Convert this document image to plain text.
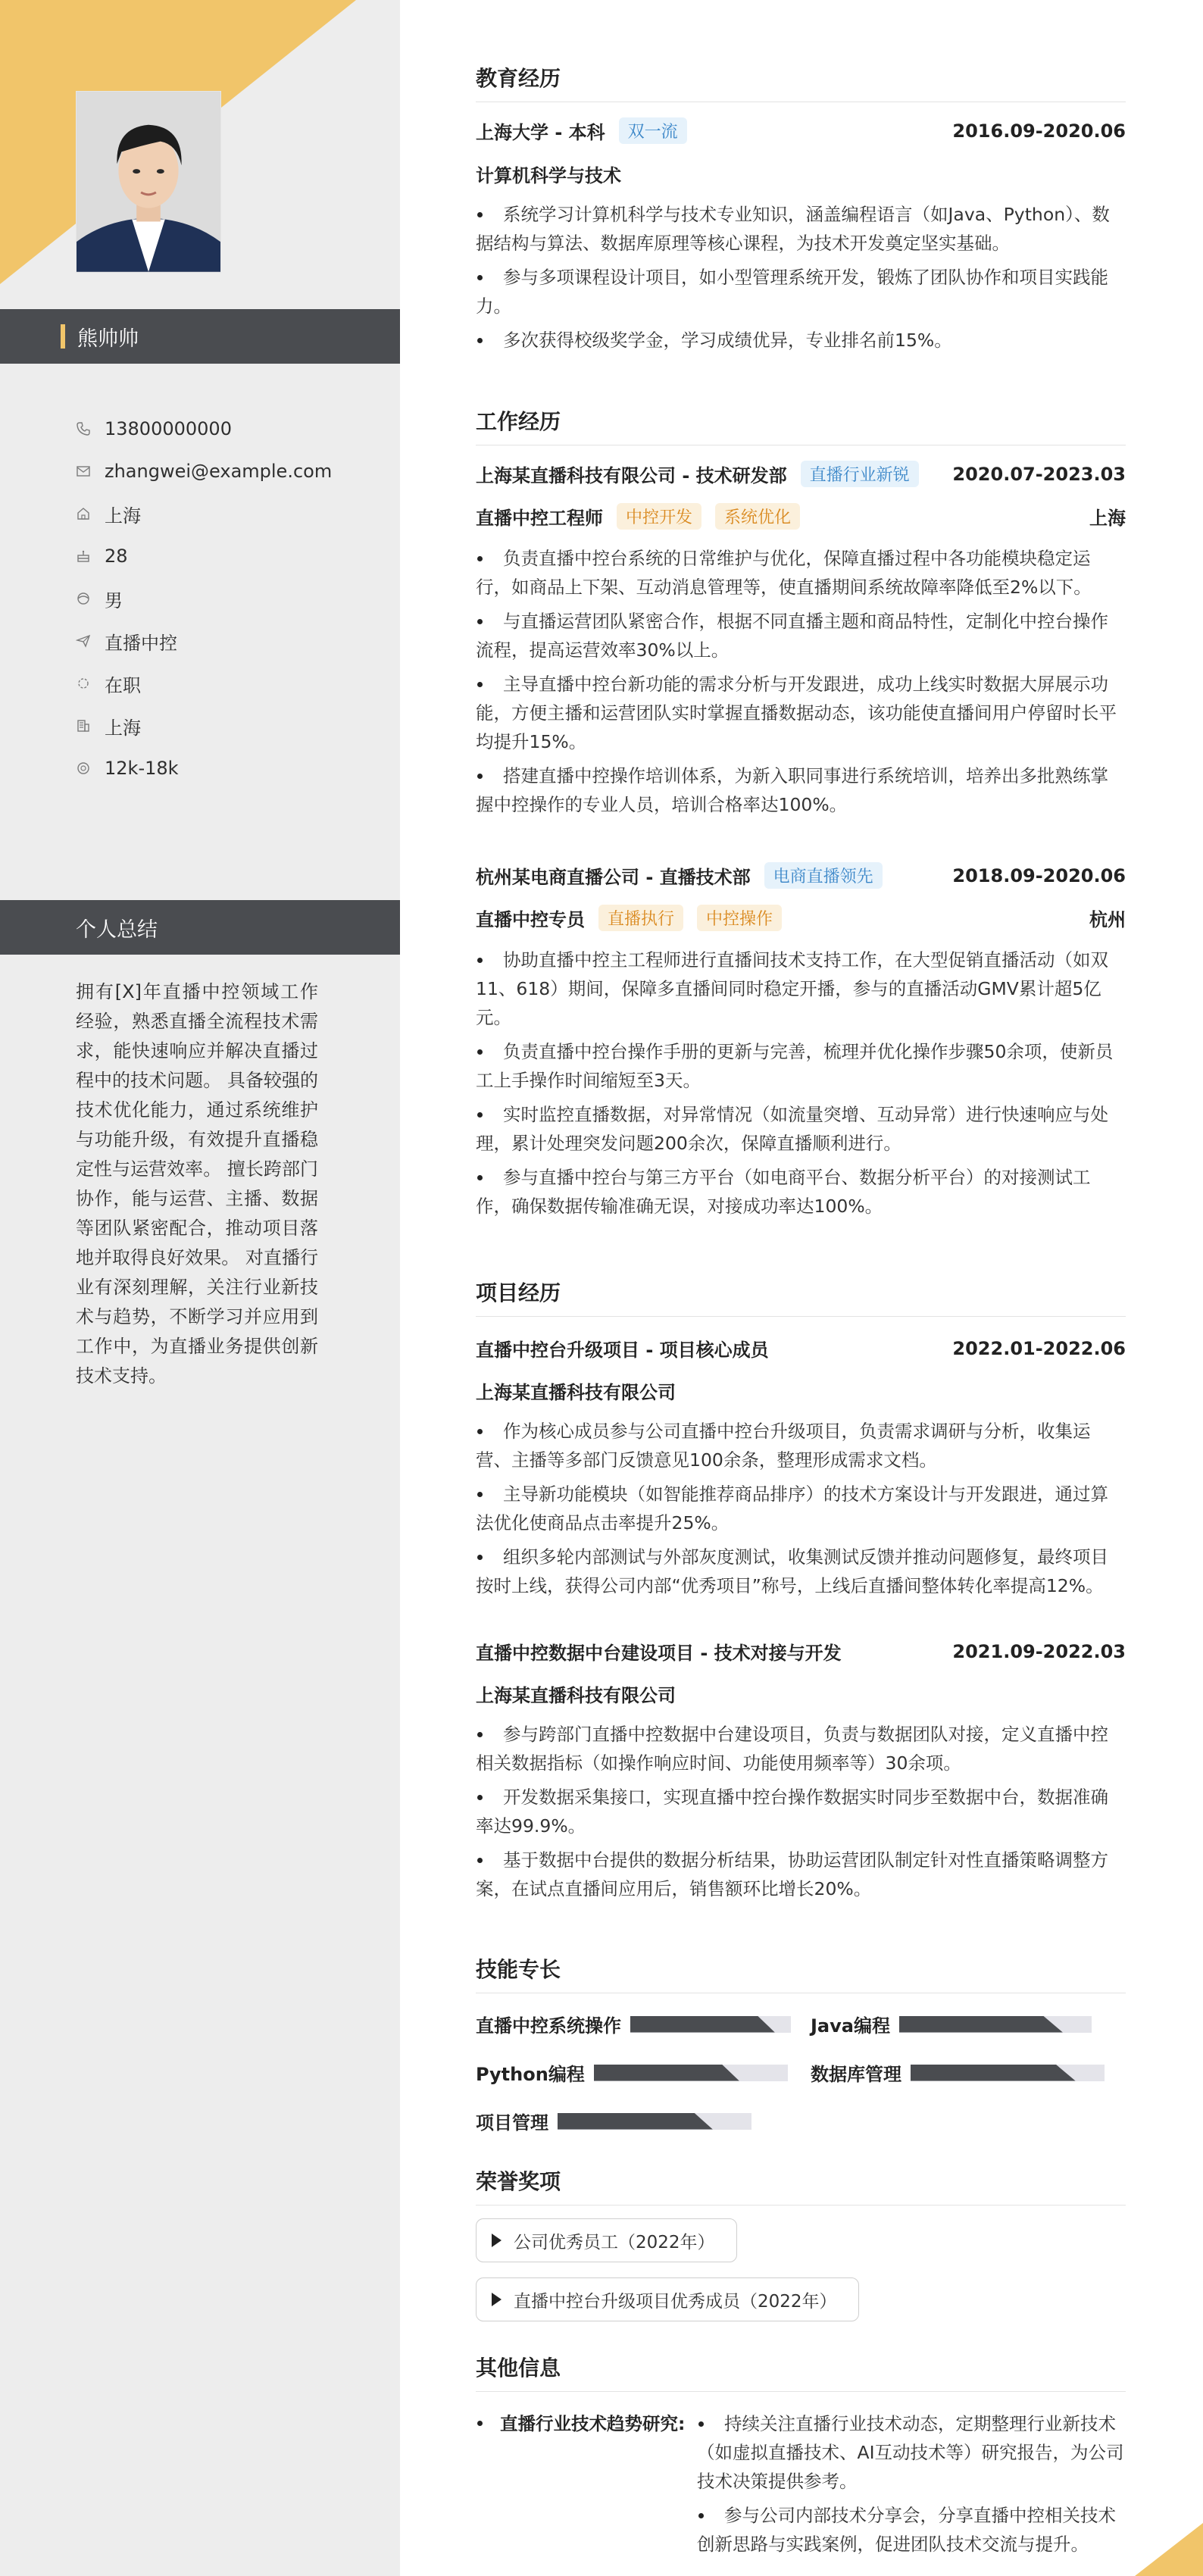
熊帅帅
13800000000
zhangwei@example.com
上海
28
男
直播中控
在职
上海
12k-18k
个人总结
拥有[X]年直播中控领域工作经验，熟悉直播全流程技术需求，能快速响应并解决直播过程中的技术问题。 具备较强的技术优化能力，通过系统维护与功能升级，有效提升直播稳定性与运营效率。 擅长跨部门协作，能与运营、主播、数据等团队紧密配合，推动项目落地并取得良好效果。 对直播行业有深刻理解，关注行业新技术与趋势，不断学习并应用到工作中，为直播业务提供创新技术支持。
教育经历
上海大学 - 本科	双一流	2016.09-2020.06
计算机科学与技术
系统学习计算机科学与技术专业知识，涵盖编程语言（如Java、Python）、数据结构与算法、数据库原理等核心课程，为技术开发奠定坚实基础。
参与多项课程设计项目，如小型管理系统开发，锻炼了团队协作和项目实践能力。
多次获得校级奖学金，学习成绩优异，专业排名前15%。
工作经历
上海某直播科技有限公司 - 技术研发部	直播行业新锐	2020.07-2023.03
直播中控工程师	中控开发	系统优化	上海
负责直播中控台系统的日常维护与优化，保障直播过程中各功能模块稳定运行，如商品上下架、互动消息管理等，使直播期间系统故障率降低至2%以下。
与直播运营团队紧密合作，根据不同直播主题和商品特性，定制化中控台操作流程，提高运营效率30%以上。
主导直播中控台新功能的需求分析与开发跟进，成功上线实时数据大屏展示功能，方便主播和运营团队实时掌握直播数据动态，该功能使直播间用户停留时长平均提升15%。
搭建直播中控操作培训体系，为新入职同事进行系统培训，培养出多批熟练掌握中控操作的专业人员，培训合格率达100%。
杭州某电商直播公司 - 直播技术部	电商直播领先	2018.09-2020.06
直播中控专员	直播执行	中控操作	杭州
协助直播中控主工程师进行直播间技术支持工作，在大型促销直播活动（如双11、618）期间，保障多直播间同时稳定开播，参与的直播活动GMV累计超5亿元。
负责直播中控台操作手册的更新与完善，梳理并优化操作步骤50余项，使新员工上手操作时间缩短至3天。
实时监控直播数据，对异常情况（如流量突增、互动异常）进行快速响应与处理，累计处理突发问题200余次，保障直播顺利进行。
参与直播中控台与第三方平台（如电商平台、数据分析平台）的对接测试工作，确保数据传输准确无误，对接成功率达100%。
项目经历
直播中控台升级项目 - 项目核心成员	2022.01-2022.06
上海某直播科技有限公司
作为核心成员参与公司直播中控台升级项目，负责需求调研与分析，收集运营、主播等多部门反馈意见100余条，整理形成需求文档。
主导新功能模块（如智能推荐商品排序）的技术方案设计与开发跟进，通过算法优化使商品点击率提升25%。
组织多轮内部测试与外部灰度测试，收集测试反馈并推动问题修复，最终项目按时上线，获得公司内部“优秀项目”称号，上线后直播间整体转化率提高12%。
直播中控数据中台建设项目 - 技术对接与开发	2021.09-2022.03
上海某直播科技有限公司
参与跨部门直播中控数据中台建设项目，负责与数据团队对接，定义直播中控相关数据指标（如操作响应时间、功能使用频率等）30余项。
开发数据采集接口，实现直播中控台操作数据实时同步至数据中台，数据准确率达99.9%。
基于数据中台提供的数据分析结果，协助运营团队制定针对性直播策略调整方案，在试点直播间应用后，销售额环比增长20%。
技能专长
直播中控系统操作	Java编程
Python编程	数据库管理
项目管理
荣誉奖项
公司优秀员工（2022年）
直播中控台升级项目优秀成员（2022年）
其他信息
直播行业技术趋势研究:	持续关注直播行业技术动态，定期整理行业新技术（如虚拟直播技术、AI互动技术等）研究报告，为公司技术决策提供参考。
参与公司内部技术分享会，分享直播中控相关技术创新思路与实践案例，促进团队技术交流与提升。
